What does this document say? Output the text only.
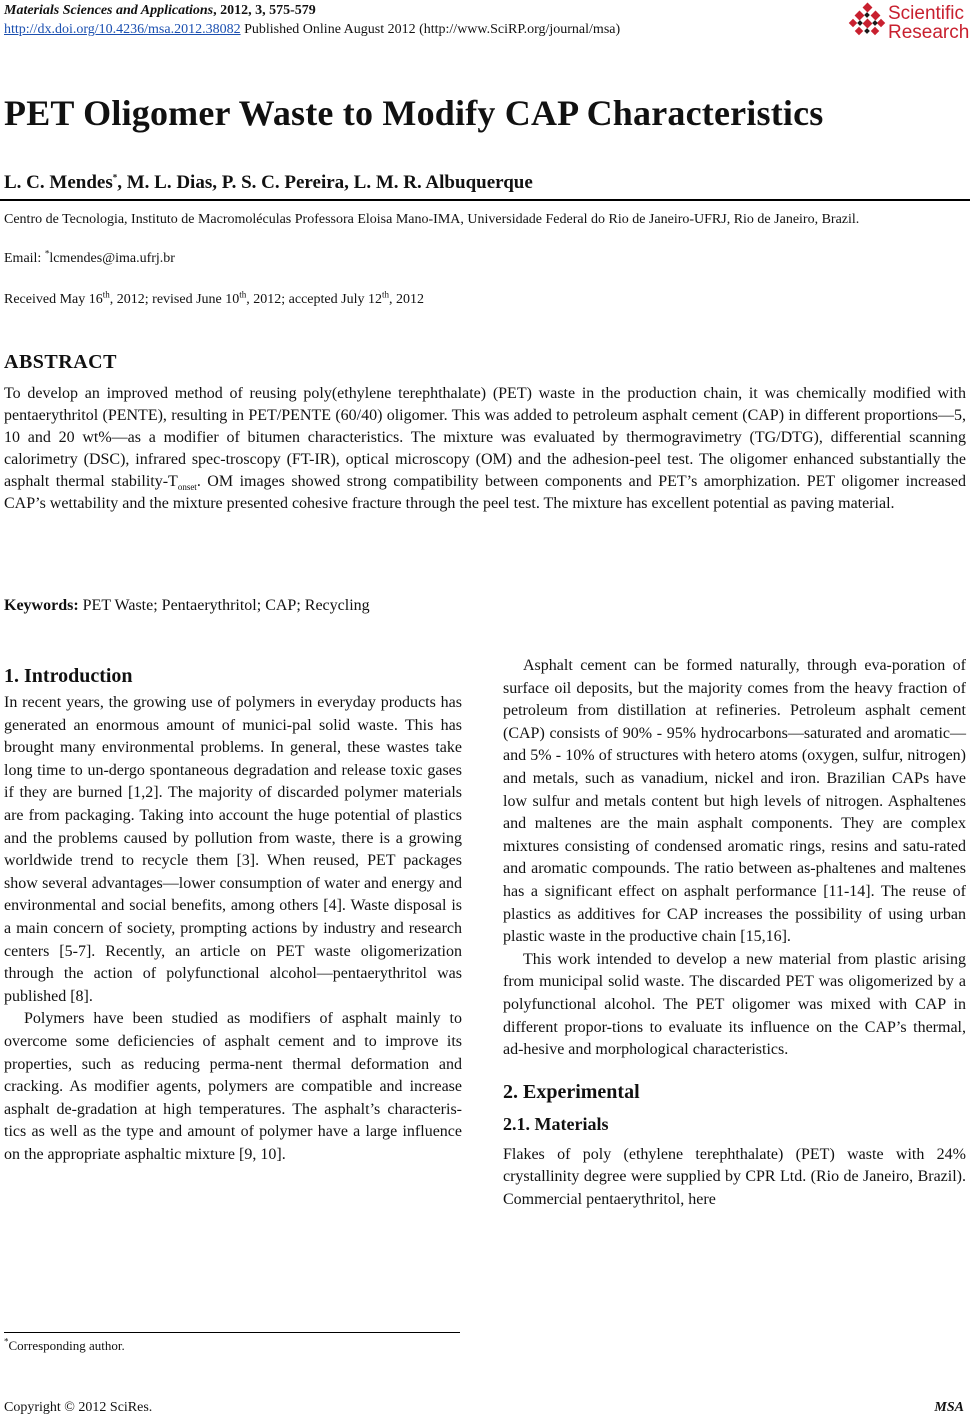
Materials Sciences and Applications, 2012, 3, 575-579
http://dx.doi.org/10.4236/msa.2012.38082 Published Online August 2012 (http://www.SciRP.org/journal/msa)
Scientific
Research
PET Oligomer Waste to Modify CAP Characteristics
L. C. Mendes*, M. L. Dias, P. S. C. Pereira, L. M. R. Albuquerque
Centro de Tecnologia, Instituto de Macromoléculas Professora Eloisa Mano-IMA, Universidade Federal do Rio de Janeiro-UFRJ, Rio de Janeiro, Brazil.
Email: *lcmendes@ima.ufrj.br
Received May 16th, 2012; revised June 10th, 2012; accepted July 12th, 2012
ABSTRACT
To develop an improved method of reusing poly(ethylene terephthalate) (PET) waste in the production chain, it was chemically modified with pentaerythritol (PENTE), resulting in PET/PENTE (60/40) oligomer. This was added to petroleum asphalt cement (CAP) in different proportions—5, 10 and 20 wt%—as a modifier of bitumen characteristics. The mixture was evaluated by thermogravimetry (TG/DTG), differential scanning calorimetry (DSC), infrared spec-troscopy (FT-IR), optical microscopy (OM) and the adhesion-peel test. The oligomer enhanced substantially the asphalt thermal stability-$T_{onset}$. OM images showed strong compatibility between components and PET’s amorphization. PET oligomer increased CAP’s wettability and the mixture presented cohesive fracture through the peel test. The mixture has excellent potential as paving material.
Keywords: PET Waste; Pentaerythritol; CAP; Recycling
1. Introduction

In recent years, the growing use of polymers in everyday products has generated an enormous amount of munici-pal solid waste. This has brought many environmental problems. In general, these wastes take long time to un-dergo spontaneous degradation and release toxic gases if they are burned [1,2]. The majority of discarded polymer materials are from packaging. Taking into account the huge potential of plastics and the problems caused by pollution from waste, there is a growing worldwide trend to recycle them [3]. When reused, PET packages show several advantages—lower consumption of water and energy and environmental and social benefits, among others [4]. Waste disposal is a main concern of society, prompting actions by industry and research centers [5-7]. Recently, an article on PET waste oligomerization through the action of polyfunctional alcohol—pentaerythritol was published [8].

Polymers have been studied as modifiers of asphalt mainly to overcome some deficiencies of asphalt cement and to improve its properties, such as reducing perma-nent thermal deformation and cracking. As modifier agents, polymers are compatible and increase asphalt de-gradation at high temperatures. The asphalt’s characteris-tics as well as the type and amount of polymer have a large influence on the appropriate asphaltic mixture [9, 10].

Asphalt cement can be formed naturally, through eva-poration of surface oil deposits, but the majority comes from the heavy fraction of petroleum from distillation at refineries. Petroleum asphalt cement (CAP) consists of 90% - 95% hydrocarbons—saturated and aromatic—and 5% - 10% of structures with hetero atoms (oxygen, sulfur, nitrogen) and metals, such as vanadium, nickel and iron. Brazilian CAPs have low sulfur and metals content but high levels of nitrogen. Asphaltenes and maltenes are the main asphalt components. They are complex mixtures consisting of condensed aromatic rings, resins and satu-rated and aromatic compounds. The ratio between as-phaltenes and maltenes has a significant effect on asphalt performance [11-14]. The reuse of plastics as additives for CAP increases the possibility of using urban plastic waste in the productive chain [15,16].

This work intended to develop a new material from plastic arising from municipal solid waste. The discarded PET was oligomerized by a polyfunctional alcohol. The PET oligomer was mixed with CAP in different propor-tions to evaluate its influence on the CAP’s thermal, ad-hesive and morphological characteristics.

2. Experimental
2.1. Materials

Flakes of poly (ethylene terephthalate) (PET) waste with 24% crystallinity degree were supplied by CPR Ltd. (Rio de Janeiro, Brazil). Commercial pentaerythritol, here

*Corresponding author.
Copyright © 2012 SciRes.	MSA
